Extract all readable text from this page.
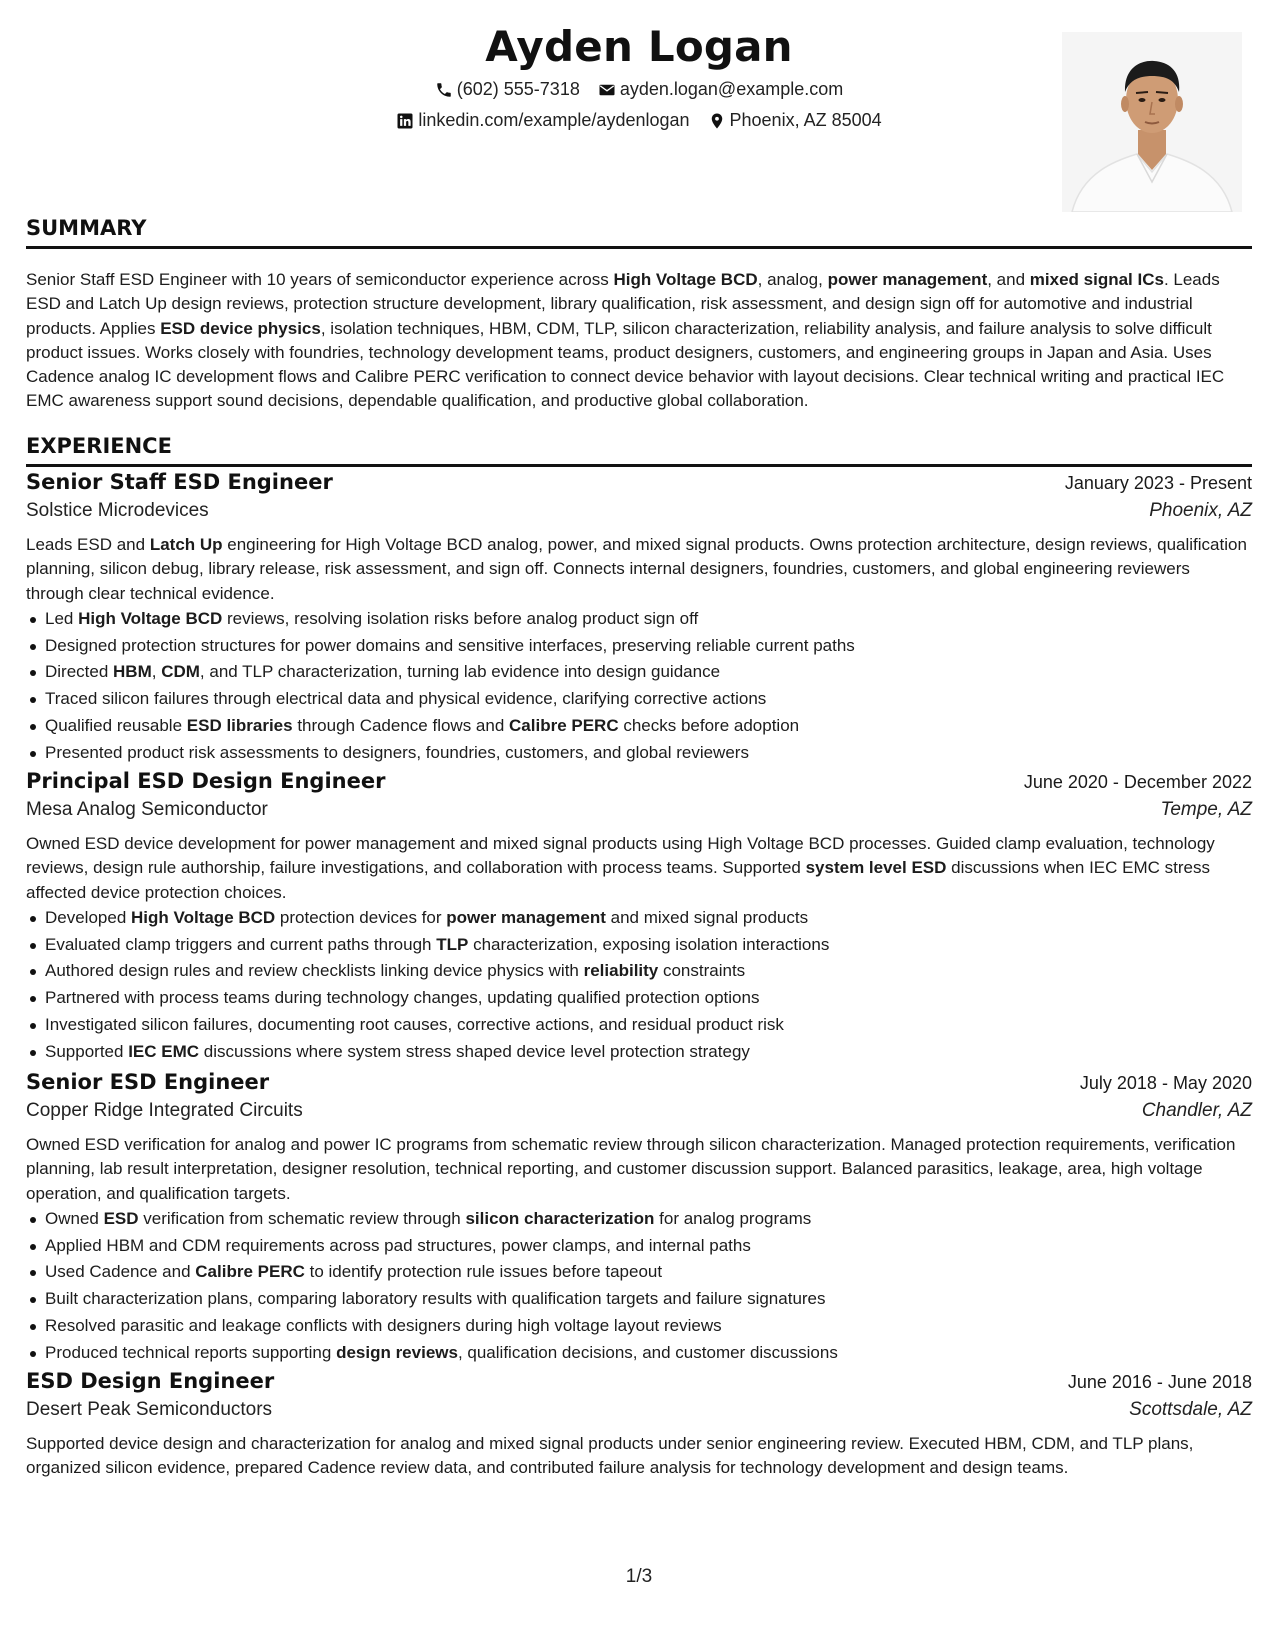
Ayden Logan
(602) 555-7318 ayden.logan@example.com
linkedin.com/example/aydenlogan Phoenix, AZ 85004
SUMMARY
Senior Staff ESD Engineer with 10 years of semiconductor experience across High Voltage BCD, analog, power management, and mixed signal ICs. Leads ESD and Latch Up design reviews, protection structure development, library qualification, risk assessment, and design sign off for automotive and industrial products. Applies ESD device physics, isolation techniques, HBM, CDM, TLP, silicon characterization, reliability analysis, and failure analysis to solve difficult product issues. Works closely with foundries, technology development teams, product designers, customers, and engineering groups in Japan and Asia. Uses Cadence analog IC development flows and Calibre PERC verification to connect device behavior with layout decisions. Clear technical writing and practical IEC EMC awareness support sound decisions, dependable qualification, and productive global collaboration.
EXPERIENCE
Senior Staff ESD Engineer	January 2023 - Present
Solstice Microdevices	Phoenix, AZ
Leads ESD and Latch Up engineering for High Voltage BCD analog, power, and mixed signal products. Owns protection architecture, design reviews, qualification planning, silicon debug, library release, risk assessment, and sign off. Connects internal designers, foundries, customers, and global engineering reviewers through clear technical evidence.
Led High Voltage BCD reviews, resolving isolation risks before analog product sign off
Designed protection structures for power domains and sensitive interfaces, preserving reliable current paths
Directed HBM, CDM, and TLP characterization, turning lab evidence into design guidance
Traced silicon failures through electrical data and physical evidence, clarifying corrective actions
Qualified reusable ESD libraries through Cadence flows and Calibre PERC checks before adoption
Presented product risk assessments to designers, foundries, customers, and global reviewers
Principal ESD Design Engineer	June 2020 - December 2022
Mesa Analog Semiconductor	Tempe, AZ
Owned ESD device development for power management and mixed signal products using High Voltage BCD processes. Guided clamp evaluation, technology reviews, design rule authorship, failure investigations, and collaboration with process teams. Supported system level ESD discussions when IEC EMC stress affected device protection choices.
Developed High Voltage BCD protection devices for power management and mixed signal products
Evaluated clamp triggers and current paths through TLP characterization, exposing isolation interactions
Authored design rules and review checklists linking device physics with reliability constraints
Partnered with process teams during technology changes, updating qualified protection options
Investigated silicon failures, documenting root causes, corrective actions, and residual product risk
Supported IEC EMC discussions where system stress shaped device level protection strategy
Senior ESD Engineer	July 2018 - May 2020
Copper Ridge Integrated Circuits	Chandler, AZ
Owned ESD verification for analog and power IC programs from schematic review through silicon characterization. Managed protection requirements, verification planning, lab result interpretation, designer resolution, technical reporting, and customer discussion support. Balanced parasitics, leakage, area, high voltage operation, and qualification targets.
Owned ESD verification from schematic review through silicon characterization for analog programs
Applied HBM and CDM requirements across pad structures, power clamps, and internal paths
Used Cadence and Calibre PERC to identify protection rule issues before tapeout
Built characterization plans, comparing laboratory results with qualification targets and failure signatures
Resolved parasitic and leakage conflicts with designers during high voltage layout reviews
Produced technical reports supporting design reviews, qualification decisions, and customer discussions
ESD Design Engineer	June 2016 - June 2018
Desert Peak Semiconductors	Scottsdale, AZ
Supported device design and characterization for analog and mixed signal products under senior engineering review. Executed HBM, CDM, and TLP plans, organized silicon evidence, prepared Cadence review data, and contributed failure analysis for technology development and design teams.
1/3
